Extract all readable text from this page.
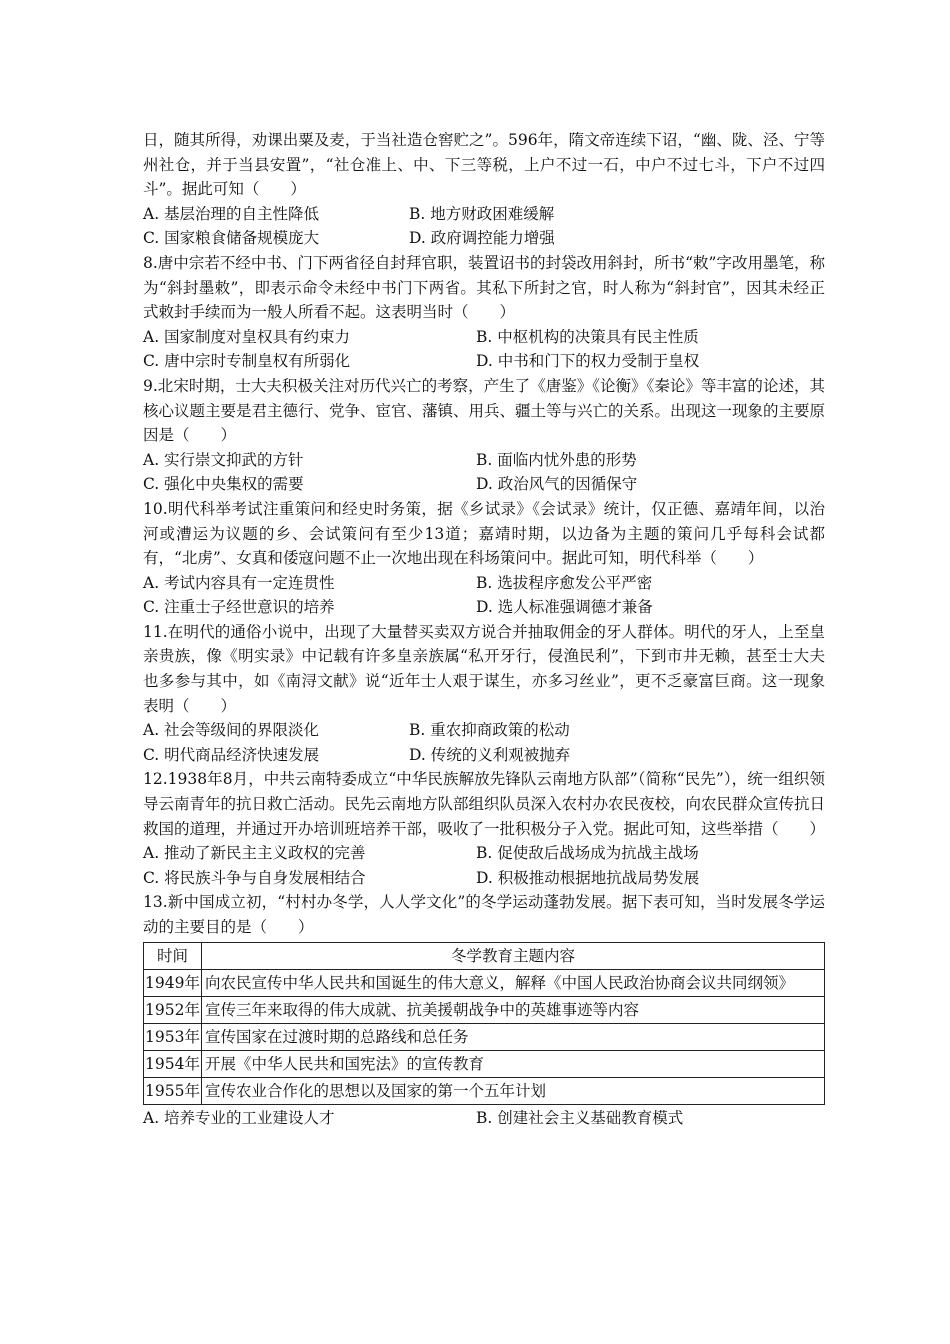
日，随其所得，劝课出粟及麦，于当社造仓窖贮之”。596年，隋文帝连续下诏，“幽、陇、泾、宁等州社仓，并于当县安置”，“社仓准上、中、下三等税，上户不过一石，中户不过七斗，下户不过四斗”。据此可知（　　）

A. 基层治理的自主性降低	B. 地方财政困难缓解
C. 国家粮食储备规模庞大	D. 政府调控能力增强

8.唐中宗若不经中书、门下两省径自封拜官职，装置诏书的封袋改用斜封，所书“敕”字改用墨笔，称为“斜封墨敕”，即表示命令未经中书门下两省。其私下所封之官，时人称为“斜封官”，因其未经正式敕封手续而为一般人所看不起。这表明当时（　　）

A. 国家制度对皇权具有约束力	B. 中枢机构的决策具有民主性质
C. 唐中宗时专制皇权有所弱化	D. 中书和门下的权力受制于皇权

9.北宋时期，士大夫积极关注对历代兴亡的考察，产生了《唐鉴》《论衡》《秦论》等丰富的论述，其核心议题主要是君主德行、党争、宦官、藩镇、用兵、疆土等与兴亡的关系。出现这一现象的主要原因是（　　）

A. 实行崇文抑武的方针	B. 面临内忧外患的形势
C. 强化中央集权的需要	D. 政治风气的因循保守

10.明代科举考试注重策问和经史时务策，据《乡试录》《会试录》统计，仅正德、嘉靖年间，以治河或漕运为议题的乡、会试策问有至少13道；嘉靖时期，以边备为主题的策问几乎每科会试都有，“北虏”、女真和倭寇问题不止一次地出现在科场策问中。据此可知，明代科举（　　）

A. 考试内容具有一定连贯性	B. 选拔程序愈发公平严密
C. 注重士子经世意识的培养	D. 选人标准强调德才兼备

11.在明代的通俗小说中，出现了大量替买卖双方说合并抽取佣金的牙人群体。明代的牙人，上至皇亲贵族，像《明实录》中记载有许多皇亲族属“私开牙行，侵渔民利”，下到市井无赖，甚至士大夫也多参与其中，如《南浔文献》说“近年士人艰于谋生，亦多习丝业”，更不乏豪富巨商。这一现象表明（　　）

A. 社会等级间的界限淡化	B. 重农抑商政策的松动
C. 明代商品经济快速发展	D. 传统的义利观被抛弃

12.1938年8月，中共云南特委成立“中华民族解放先锋队云南地方队部”（简称“民先”），统一组织领导云南青年的抗日救亡活动。民先云南地方队部组织队员深入农村办农民夜校，向农民群众宣传抗日救国的道理，并通过开办培训班培养干部，吸收了一批积极分子入党。据此可知，这些举措（　　）

A. 推动了新民主主义政权的完善	B. 促使敌后战场成为抗战主战场
C. 将民族斗争与自身发展相结合	D. 积极推动根据地抗战局势发展

13.新中国成立初，“村村办冬学，人人学文化”的冬学运动蓬勃发展。据下表可知，当时发展冬学运动的主要目的是（　　）

时间	冬学教育主题内容
1949年	向农民宣传中华人民共和国诞生的伟大意义，解释《中国人民政治协商会议共同纲领》
1952年	宣传三年来取得的伟大成就、抗美援朝战争中的英雄事迹等内容
1953年	宣传国家在过渡时期的总路线和总任务
1954年	开展《中华人民共和国宪法》的宣传教育
1955年	宣传农业合作化的思想以及国家的第一个五年计划
A. 培养专业的工业建设人才	B. 创建社会主义基础教育模式
